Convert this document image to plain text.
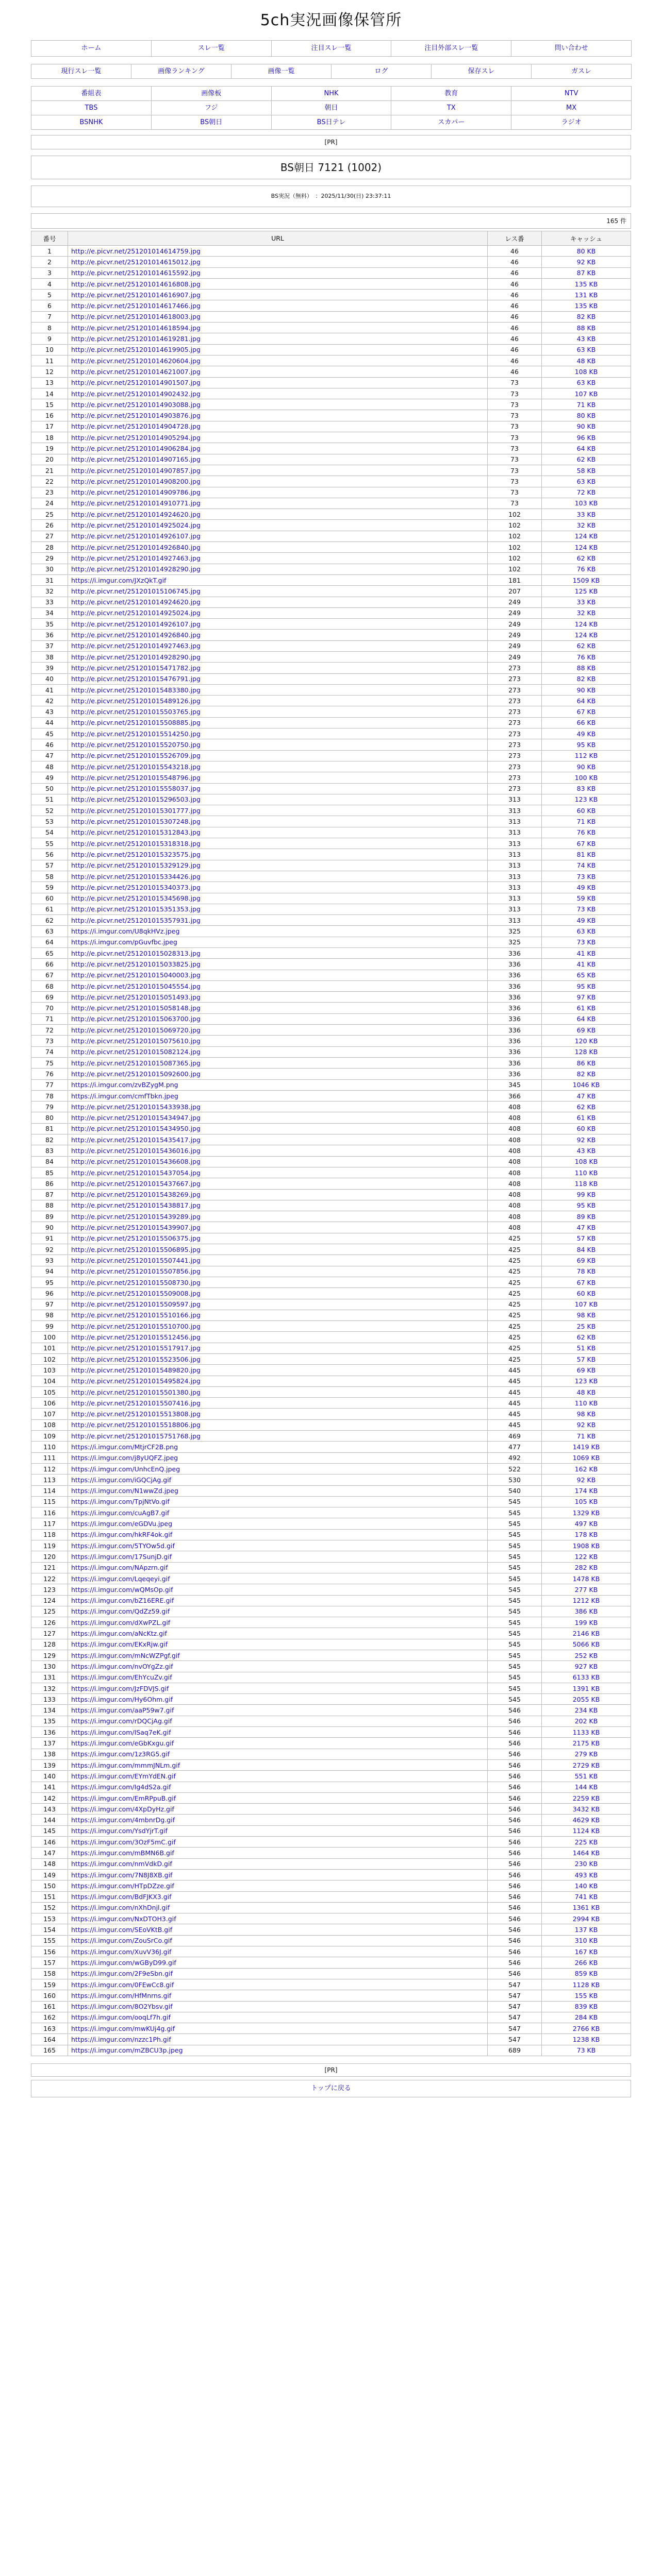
5ch実況画像保管所
ホーム	スレ一覧	注目スレ一覧	注目外部スレ一覧	問い合わせ
現行スレ一覧	画像ランキング	画像一覧	ログ	保存スレ	ガスレ
番組表	画像板	NHK	教育	NTV
TBS	フジ	朝日	TX	MX
BSNHK	BS朝日	BS日テレ	スカパー	ラジオ
[PR]
BS朝日 7121 (1002)
BS実況（無料）　：2025/11/30(日) 23:37:11
165 件
番号	URL	レス番	キャッシュ
1	http://e.picvr.net/251201014614759.jpg	46	80 KB
2	http://e.picvr.net/251201014615012.jpg	46	92 KB
3	http://e.picvr.net/251201014615592.jpg	46	87 KB
4	http://e.picvr.net/251201014616808.jpg	46	135 KB
5	http://e.picvr.net/251201014616907.jpg	46	131 KB
6	http://e.picvr.net/251201014617466.jpg	46	135 KB
7	http://e.picvr.net/251201014618003.jpg	46	82 KB
8	http://e.picvr.net/251201014618594.jpg	46	88 KB
9	http://e.picvr.net/251201014619281.jpg	46	43 KB
10	http://e.picvr.net/251201014619905.jpg	46	63 KB
11	http://e.picvr.net/251201014620604.jpg	46	48 KB
12	http://e.picvr.net/251201014621007.jpg	46	108 KB
13	http://e.picvr.net/251201014901507.jpg	73	63 KB
14	http://e.picvr.net/251201014902432.jpg	73	107 KB
15	http://e.picvr.net/251201014903088.jpg	73	71 KB
16	http://e.picvr.net/251201014903876.jpg	73	80 KB
17	http://e.picvr.net/251201014904728.jpg	73	90 KB
18	http://e.picvr.net/251201014905294.jpg	73	96 KB
19	http://e.picvr.net/251201014906284.jpg	73	64 KB
20	http://e.picvr.net/251201014907165.jpg	73	62 KB
21	http://e.picvr.net/251201014907857.jpg	73	58 KB
22	http://e.picvr.net/251201014908200.jpg	73	63 KB
23	http://e.picvr.net/251201014909786.jpg	73	72 KB
24	http://e.picvr.net/251201014910771.jpg	73	103 KB
25	http://e.picvr.net/251201014924620.jpg	102	33 KB
26	http://e.picvr.net/251201014925024.jpg	102	32 KB
27	http://e.picvr.net/251201014926107.jpg	102	124 KB
28	http://e.picvr.net/251201014926840.jpg	102	124 KB
29	http://e.picvr.net/251201014927463.jpg	102	62 KB
30	http://e.picvr.net/251201014928290.jpg	102	76 KB
31	https://i.imgur.com/JXzQkT.gif	181	1509 KB
32	http://e.picvr.net/251201015106745.jpg	207	125 KB
33	http://e.picvr.net/251201014924620.jpg	249	33 KB
34	http://e.picvr.net/251201014925024.jpg	249	32 KB
35	http://e.picvr.net/251201014926107.jpg	249	124 KB
36	http://e.picvr.net/251201014926840.jpg	249	124 KB
37	http://e.picvr.net/251201014927463.jpg	249	62 KB
38	http://e.picvr.net/251201014928290.jpg	249	76 KB
39	http://e.picvr.net/251201015471782.jpg	273	88 KB
40	http://e.picvr.net/251201015476791.jpg	273	82 KB
41	http://e.picvr.net/251201015483380.jpg	273	90 KB
42	http://e.picvr.net/251201015489126.jpg	273	64 KB
43	http://e.picvr.net/251201015503765.jpg	273	67 KB
44	http://e.picvr.net/251201015508885.jpg	273	66 KB
45	http://e.picvr.net/251201015514250.jpg	273	49 KB
46	http://e.picvr.net/251201015520750.jpg	273	95 KB
47	http://e.picvr.net/251201015526709.jpg	273	112 KB
48	http://e.picvr.net/251201015543218.jpg	273	90 KB
49	http://e.picvr.net/251201015548796.jpg	273	100 KB
50	http://e.picvr.net/251201015558037.jpg	273	83 KB
51	http://e.picvr.net/251201015296503.jpg	313	123 KB
52	http://e.picvr.net/251201015301777.jpg	313	60 KB
53	http://e.picvr.net/251201015307248.jpg	313	71 KB
54	http://e.picvr.net/251201015312843.jpg	313	76 KB
55	http://e.picvr.net/251201015318318.jpg	313	67 KB
56	http://e.picvr.net/251201015323575.jpg	313	81 KB
57	http://e.picvr.net/251201015329129.jpg	313	74 KB
58	http://e.picvr.net/251201015334426.jpg	313	73 KB
59	http://e.picvr.net/251201015340373.jpg	313	49 KB
60	http://e.picvr.net/251201015345698.jpg	313	59 KB
61	http://e.picvr.net/251201015351353.jpg	313	73 KB
62	http://e.picvr.net/251201015357931.jpg	313	49 KB
63	https://i.imgur.com/U8qkHVz.jpeg	325	63 KB
64	https://i.imgur.com/pGuvfbc.jpeg	325	73 KB
65	http://e.picvr.net/251201015028313.jpg	336	41 KB
66	http://e.picvr.net/251201015033825.jpg	336	41 KB
67	http://e.picvr.net/251201015040003.jpg	336	65 KB
68	http://e.picvr.net/251201015045554.jpg	336	95 KB
69	http://e.picvr.net/251201015051493.jpg	336	97 KB
70	http://e.picvr.net/251201015058148.jpg	336	61 KB
71	http://e.picvr.net/251201015063700.jpg	336	64 KB
72	http://e.picvr.net/251201015069720.jpg	336	69 KB
73	http://e.picvr.net/251201015075610.jpg	336	120 KB
74	http://e.picvr.net/251201015082124.jpg	336	128 KB
75	http://e.picvr.net/251201015087365.jpg	336	86 KB
76	http://e.picvr.net/251201015092600.jpg	336	82 KB
77	https://i.imgur.com/zvBZygM.png	345	1046 KB
78	https://i.imgur.com/cmfTbkn.jpeg	366	47 KB
79	http://e.picvr.net/251201015433938.jpg	408	62 KB
80	http://e.picvr.net/251201015434947.jpg	408	61 KB
81	http://e.picvr.net/251201015434950.jpg	408	60 KB
82	http://e.picvr.net/251201015435417.jpg	408	92 KB
83	http://e.picvr.net/251201015436016.jpg	408	43 KB
84	http://e.picvr.net/251201015436608.jpg	408	108 KB
85	http://e.picvr.net/251201015437054.jpg	408	110 KB
86	http://e.picvr.net/251201015437667.jpg	408	118 KB
87	http://e.picvr.net/251201015438269.jpg	408	99 KB
88	http://e.picvr.net/251201015438817.jpg	408	95 KB
89	http://e.picvr.net/251201015439289.jpg	408	89 KB
90	http://e.picvr.net/251201015439907.jpg	408	47 KB
91	http://e.picvr.net/251201015506375.jpg	425	57 KB
92	http://e.picvr.net/251201015506895.jpg	425	84 KB
93	http://e.picvr.net/251201015507441.jpg	425	69 KB
94	http://e.picvr.net/251201015507856.jpg	425	78 KB
95	http://e.picvr.net/251201015508730.jpg	425	67 KB
96	http://e.picvr.net/251201015509008.jpg	425	60 KB
97	http://e.picvr.net/251201015509597.jpg	425	107 KB
98	http://e.picvr.net/251201015510166.jpg	425	98 KB
99	http://e.picvr.net/251201015510700.jpg	425	25 KB
100	http://e.picvr.net/251201015512456.jpg	425	62 KB
101	http://e.picvr.net/251201015517917.jpg	425	51 KB
102	http://e.picvr.net/251201015523506.jpg	425	57 KB
103	http://e.picvr.net/251201015489820.jpg	445	69 KB
104	http://e.picvr.net/251201015495824.jpg	445	123 KB
105	http://e.picvr.net/251201015501380.jpg	445	48 KB
106	http://e.picvr.net/251201015507416.jpg	445	110 KB
107	http://e.picvr.net/251201015513808.jpg	445	98 KB
108	http://e.picvr.net/251201015518806.jpg	445	92 KB
109	http://e.picvr.net/251201015751768.jpg	469	71 KB
110	https://i.imgur.com/MtjrCF2B.png	477	1419 KB
111	https://i.imgur.com/j8yUQFZ.jpeg	492	1069 KB
112	https://i.imgur.com/UnhcEnQ.jpeg	522	162 KB
113	https://i.imgur.com/iGQCjAg.gif	530	92 KB
114	https://i.imgur.com/N1wwZd.jpeg	540	174 KB
115	https://i.imgur.com/TpjNtVo.gif	545	105 KB
116	https://i.imgur.com/cuAgB7.gif	545	1329 KB
117	https://i.imgur.com/eGDVu.jpeg	545	497 KB
118	https://i.imgur.com/hkRF4ok.gif	545	178 KB
119	https://i.imgur.com/5TYOw5d.gif	545	1908 KB
120	https://i.imgur.com/17SunjD.gif	545	122 KB
121	https://i.imgur.com/NApzrn.gif	545	282 KB
122	https://i.imgur.com/Lqeqeyi.gif	545	1478 KB
123	https://i.imgur.com/wQMsOp.gif	545	277 KB
124	https://i.imgur.com/bZ16ERE.gif	545	1212 KB
125	https://i.imgur.com/QdZz59.gif	545	386 KB
126	https://i.imgur.com/dXwPZL.gif	545	199 KB
127	https://i.imgur.com/aNcKtz.gif	545	2146 KB
128	https://i.imgur.com/EKxRjw.gif	545	5066 KB
129	https://i.imgur.com/mNcWZPgf.gif	545	252 KB
130	https://i.imgur.com/nvOYgZz.gif	545	927 KB
131	https://i.imgur.com/EhYcuZv.gif	545	6133 KB
132	https://i.imgur.com/JzFDVJS.gif	545	1391 KB
133	https://i.imgur.com/Hy6Ohm.gif	545	2055 KB
134	https://i.imgur.com/aaP59w7.gif	546	234 KB
135	https://i.imgur.com/rDQCjAg.gif	546	202 KB
136	https://i.imgur.com/ISaq7eK.gif	546	1133 KB
137	https://i.imgur.com/eGbKxgu.gif	546	2175 KB
138	https://i.imgur.com/1z3RG5.gif	546	279 KB
139	https://i.imgur.com/mmmJNLm.gif	546	2729 KB
140	https://i.imgur.com/EYmYdEN.gif	546	551 KB
141	https://i.imgur.com/Ig4dS2a.gif	546	144 KB
142	https://i.imgur.com/EmRPpuB.gif	546	2259 KB
143	https://i.imgur.com/4XpDyHz.gif	546	3432 KB
144	https://i.imgur.com/4mbnrDg.gif	546	4629 KB
145	https://i.imgur.com/YsdYjrT.gif	546	1124 KB
146	https://i.imgur.com/3OzF5mC.gif	546	225 KB
147	https://i.imgur.com/mBMN6B.gif	546	1464 KB
148	https://i.imgur.com/nmVdkD.gif	546	230 KB
149	https://i.imgur.com/7N8J8XB.gif	546	493 KB
150	https://i.imgur.com/HTpDZze.gif	546	140 KB
151	https://i.imgur.com/BdFJKX3.gif	546	741 KB
152	https://i.imgur.com/nXhDnjl.gif	546	1361 KB
153	https://i.imgur.com/NxDTOH3.gif	546	2994 KB
154	https://i.imgur.com/SEoVKtB.gif	546	137 KB
155	https://i.imgur.com/ZouSrCo.gif	546	310 KB
156	https://i.imgur.com/XuvV36J.gif	546	167 KB
157	https://i.imgur.com/wGByD99.gif	546	266 KB
158	https://i.imgur.com/2F9eSbn.gif	546	859 KB
159	https://i.imgur.com/0FEwCc8.gif	547	1128 KB
160	https://i.imgur.com/HfMnrns.gif	547	155 KB
161	https://i.imgur.com/8O2Ybsv.gif	547	839 KB
162	https://i.imgur.com/ooqLf7h.gif	547	284 KB
163	https://i.imgur.com/mwKUj4g.gif	547	2766 KB
164	https://i.imgur.com/nzzc1Ph.gif	547	1238 KB
165	https://i.imgur.com/mZBCU3p.jpeg	689	73 KB
[PR]
トップに戻る
